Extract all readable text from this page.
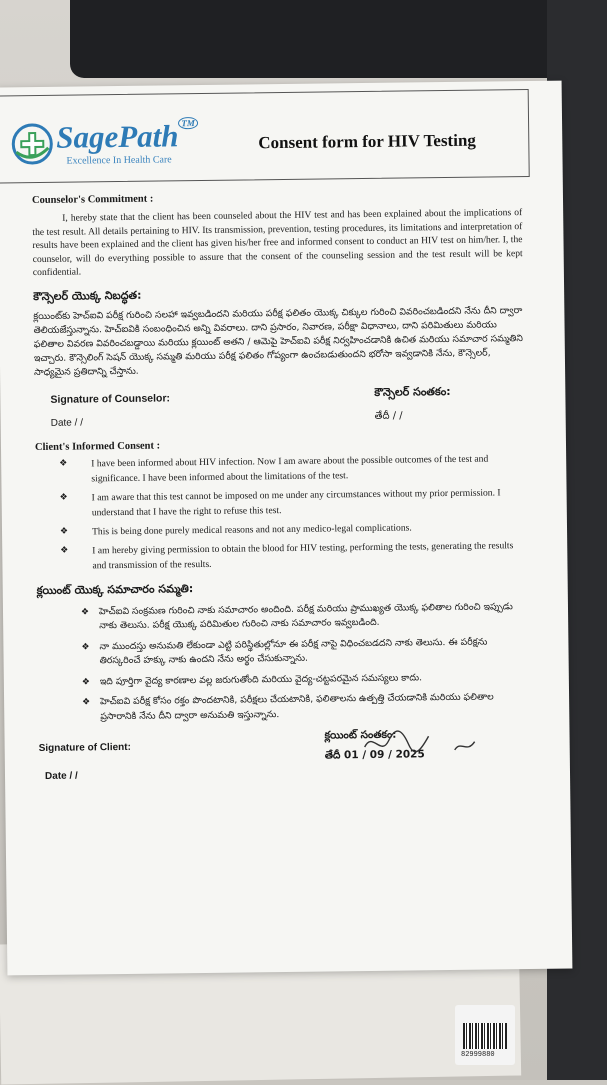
82999880
SagePath ™
Excellence In Health Care
Consent form for HIV Testing

Counselor's Commitment :

I, hereby state that the client has been counseled about the HIV test and has been explained about the implications of the test result. All details pertaining to HIV. Its transmission, prevention, testing procedures, its limitations and interpretation of results have been explained and the client has given his/her free and informed consent to conduct an HIV test on him/her. I, the counselor, will do everything possible to assure that the consent of the counseling session and the test result will be kept confidential.

కౌన్సెలర్ యొక్క నిబద్ధత:

క్లయింట్‌కు హెచ్‌ఐవి పరీక్ష గురించి సలహా ఇవ్వబడిందని మరియు పరీక్ష ఫలితం యొక్క చిక్కుల గురించి వివరించబడిందని నేను దీని ద్వారా తెలియజేస్తున్నాను. హెచ్‌ఐవికి సంబంధించిన అన్ని వివరాలు. దాని ప్రసారం, నివారణ, పరీక్షా విధానాలు, దాని పరిమితులు మరియు ఫలితాల వివరణ వివరించబడ్డాయి మరియు క్లయింట్ అతని / ఆమెపై హెచ్‌ఐవి పరీక్ష నిర్వహించడానికి ఉచిత మరియు సమాచార సమ్మతిని ఇచ్చారు. కౌన్సెలింగ్ సెషన్ యొక్క సమ్మతి మరియు పరీక్ష ఫలితం గోప్యంగా ఉంచబడుతుందని భరోసా ఇవ్వడానికి నేను, కౌన్సెలర్, సాధ్యమైన ప్రతిదాన్ని చేస్తాను.

Signature of Counselor:
కౌన్సెలర్ సంతకం:
Date / /
తేదీ / /

Client's Informed Consent :

❖ I have been informed about HIV infection. Now I am aware about the possible outcomes of the test and significance. I have been informed about the limitations of the test.
❖ I am aware that this test cannot be imposed on me under any circumstances without my prior permission. I understand that I have the right to refuse this test.
❖ This is being done purely medical reasons and not any medico-legal complications.
❖ I am hereby giving permission to obtain the blood for HIV testing, performing the tests, generating the results and transmission of the results.

క్లయింట్ యొక్క సమాచారం సమ్మతి:

❖ హెచ్‌ఐవి సంక్రమణ గురించి నాకు సమాచారం అందింది. పరీక్ష మరియు ప్రాముఖ్యత యొక్క ఫలితాల గురించి ఇప్పుడు నాకు తెలుసు. పరీక్ష యొక్క పరిమితుల గురించి నాకు సమాచారం ఇవ్వబడింది.
❖ నా ముందస్తు అనుమతి లేకుండా ఎట్టి పరిస్థితుల్లోనూ ఈ పరీక్ష నాపై విధించబడదని నాకు తెలుసు. ఈ పరీక్షను తిరస్కరించే హక్కు నాకు ఉందని నేను అర్థం చేసుకున్నాను.
❖ ఇది పూర్తిగా వైద్య కారణాల వల్ల జరుగుతోంది మరియు వైద్య-చట్టపరమైన సమస్యలు కాదు.
❖ హెచ్‌ఐవి పరీక్ష కోసం రక్తం పొందటానికి, పరీక్షలు చేయటానికి, ఫలితాలను ఉత్పత్తి చేయడానికి మరియు ఫలితాల ప్రసారానికి నేను దీని ద్వారా అనుమతి ఇస్తున్నాను.
Signature of Client:
Date / /
క్లయింట్ సంతకం:
తేదీ 01 / 09 / 2025
